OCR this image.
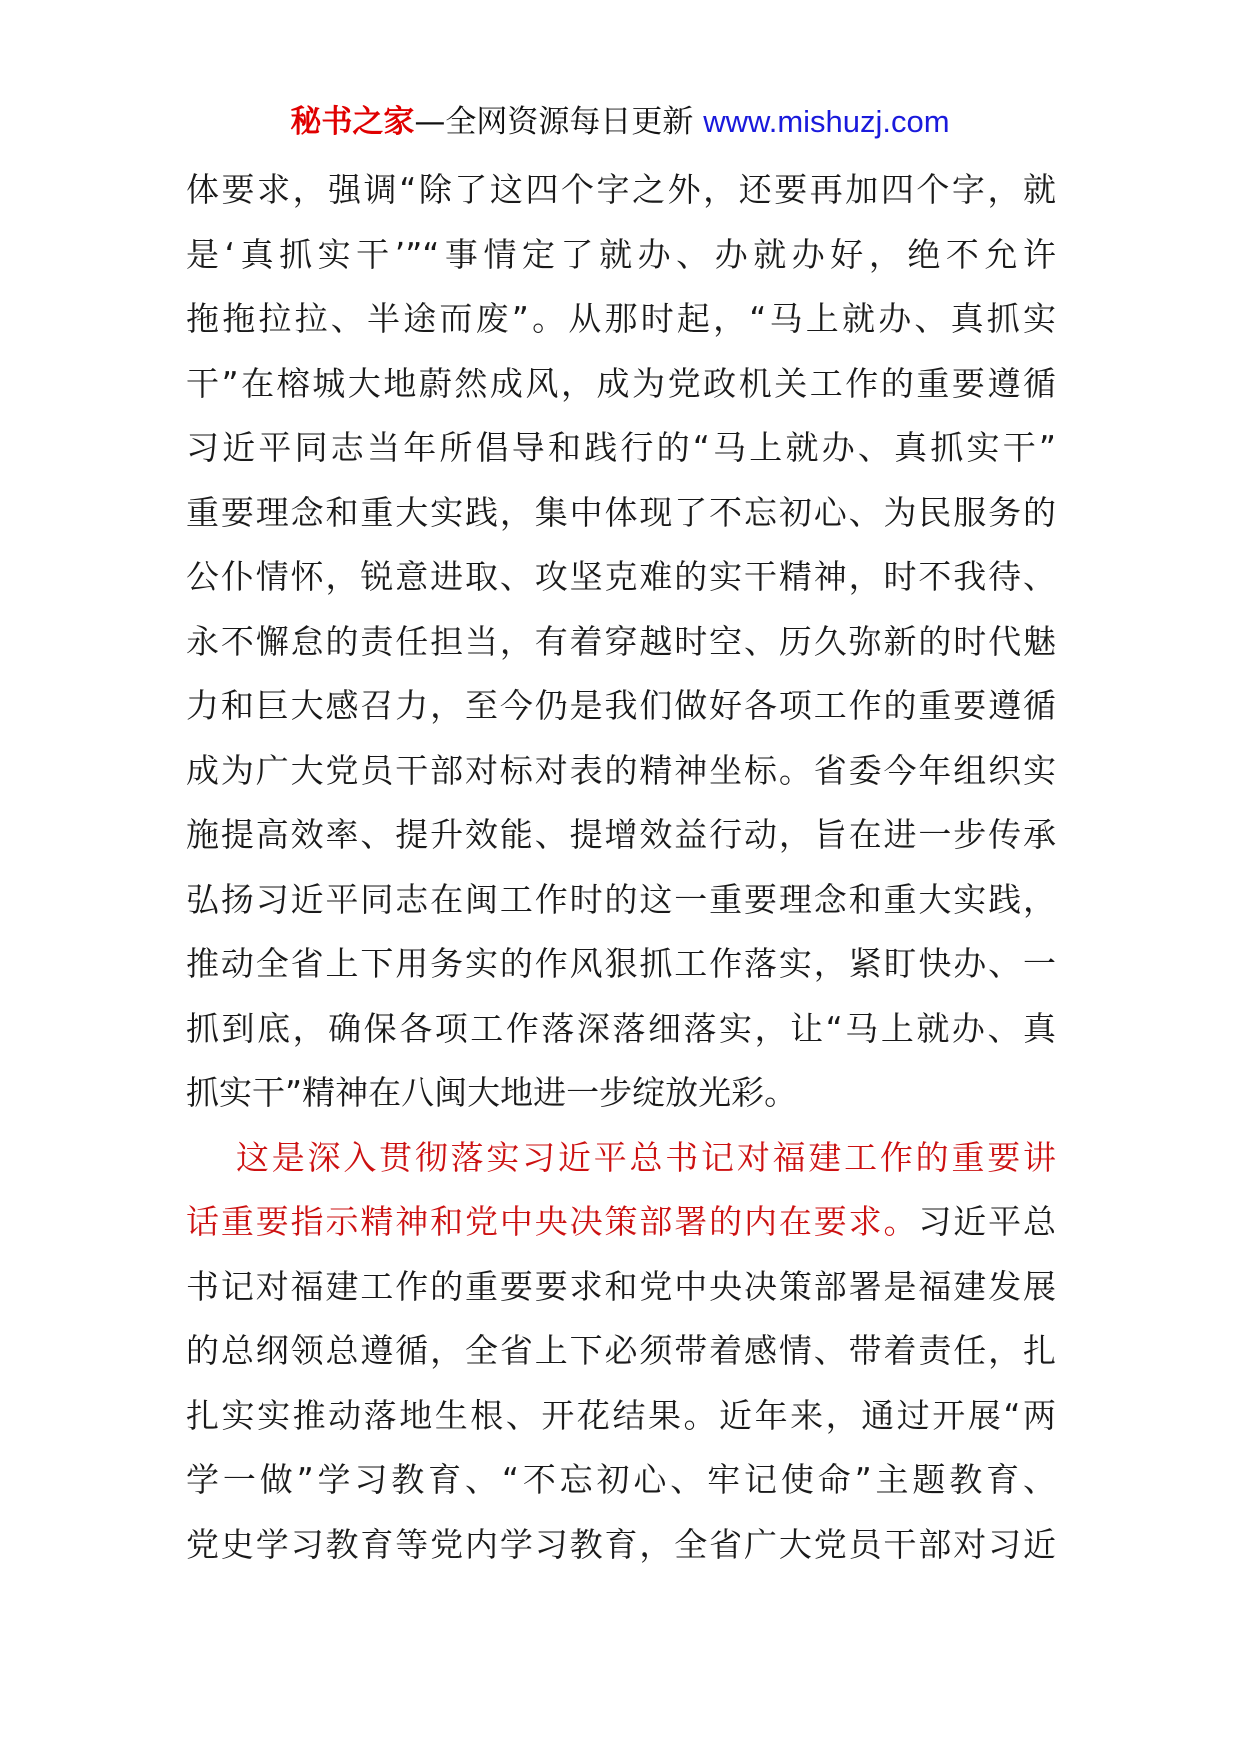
秘书之家—全网资源每日更新 www.mishuzj.com
体要求，强调“除了这四个字之外，还要再加四个字，就
是‘真抓实干’”“事情定了就办、办就办好，绝不允许
拖拖拉拉、半途而废”。从那时起，“马上就办、真抓实
干”在榕城大地蔚然成风，成为党政机关工作的重要遵循
习近平同志当年所倡导和践行的“马上就办、真抓实干”
重要理念和重大实践，集中体现了不忘初心、为民服务的
公仆情怀，锐意进取、攻坚克难的实干精神，时不我待、
永不懈怠的责任担当，有着穿越时空、历久弥新的时代魅
力和巨大感召力，至今仍是我们做好各项工作的重要遵循
成为广大党员干部对标对表的精神坐标。省委今年组织实
施提高效率、提升效能、提增效益行动，旨在进一步传承
弘扬习近平同志在闽工作时的这一重要理念和重大实践，
推动全省上下用务实的作风狠抓工作落实，紧盯快办、一
抓到底，确保各项工作落深落细落实，让“马上就办、真
抓实干”精神在八闽大地进一步绽放光彩。
这是深入贯彻落实习近平总书记对福建工作的重要讲
话重要指示精神和党中央决策部署的内在要求。习近平总
书记对福建工作的重要要求和党中央决策部署是福建发展
的总纲领总遵循，全省上下必须带着感情、带着责任，扎
扎实实推动落地生根、开花结果。近年来，通过开展“两
学一做”学习教育、“不忘初心、牢记使命”主题教育、
党史学习教育等党内学习教育，全省广大党员干部对习近
